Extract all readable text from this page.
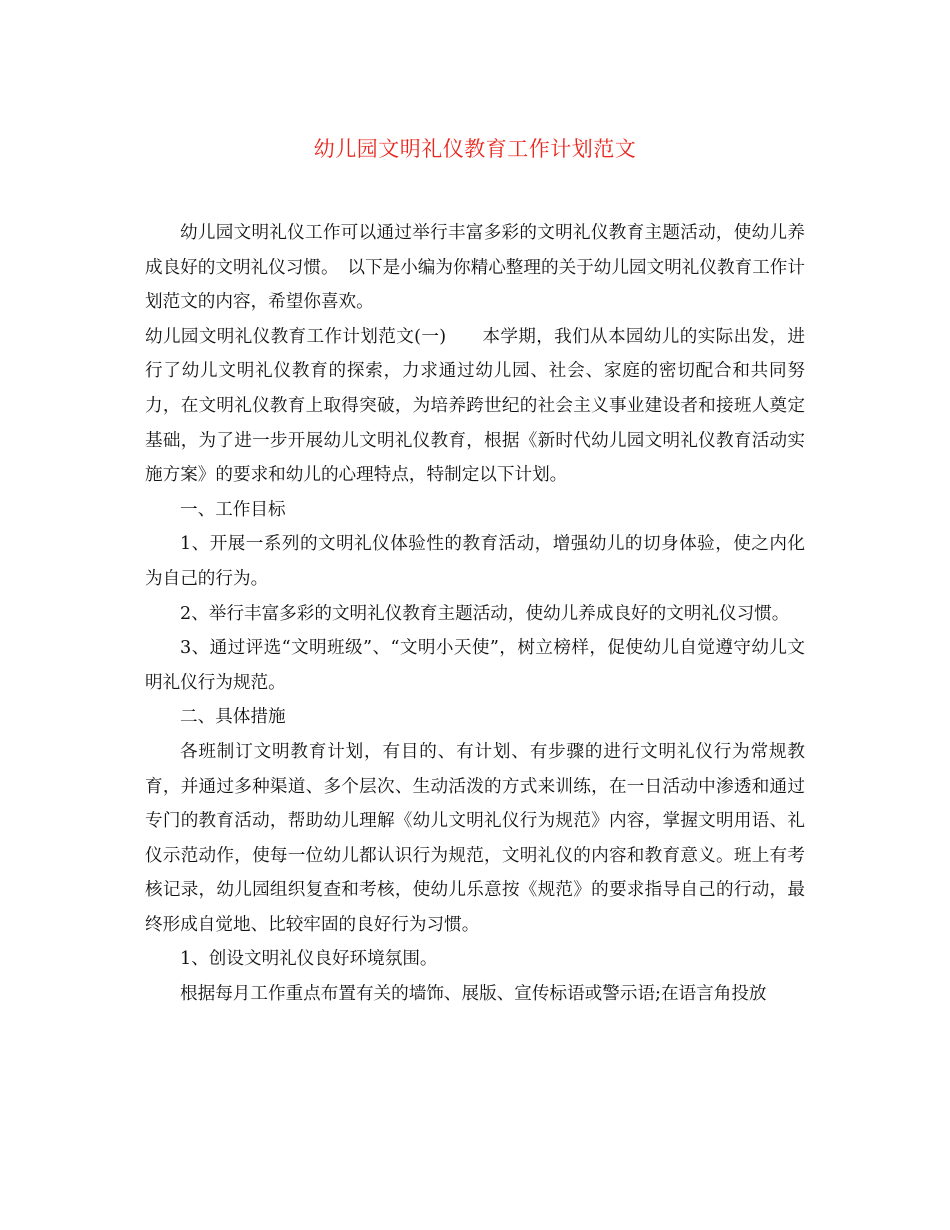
幼儿园文明礼仪教育工作计划范文

幼儿园文明礼仪工作可以通过举行丰富多彩的文明礼仪教育主题活动，使幼儿养成良好的文明礼仪习惯。　以下是小编为你精心整理的关于幼儿园文明礼仪教育工作计划范文的内容，希望你喜欢。

幼儿园文明礼仪教育工作计划范文(一)　　本学期，我们从本园幼儿的实际出发，进行了幼儿文明礼仪教育的探索，力求通过幼儿园、社会、家庭的密切配合和共同努力，在文明礼仪教育上取得突破，为培养跨世纪的社会主义事业建设者和接班人奠定基础，为了进一步开展幼儿文明礼仪教育，根据《新时代幼儿园文明礼仪教育活动实施方案》的要求和幼儿的心理特点，特制定以下计划。

一、工作目标

1、开展一系列的文明礼仪体验性的教育活动，增强幼儿的切身体验，使之内化为自己的行为。

2、举行丰富多彩的文明礼仪教育主题活动，使幼儿养成良好的文明礼仪习惯。

3、通过评选“文明班级”、“文明小天使”，树立榜样，促使幼儿自觉遵守幼儿文明礼仪行为规范。

二、具体措施

各班制订文明教育计划，有目的、有计划、有步骤的进行文明礼仪行为常规教育，并通过多种渠道、多个层次、生动活泼的方式来训练，在一日活动中渗透和通过专门的教育活动，帮助幼儿理解《幼儿文明礼仪行为规范》内容，掌握文明用语、礼仪示范动作，使每一位幼儿都认识行为规范，文明礼仪的内容和教育意义。班上有考核记录，幼儿园组织复查和考核，使幼儿乐意按《规范》的要求指导自己的行动，最终形成自觉地、比较牢固的良好行为习惯。

1、创设文明礼仪良好环境氛围。

根据每月工作重点布置有关的墙饰、展版、宣传标语或警示语;在语言角投放
